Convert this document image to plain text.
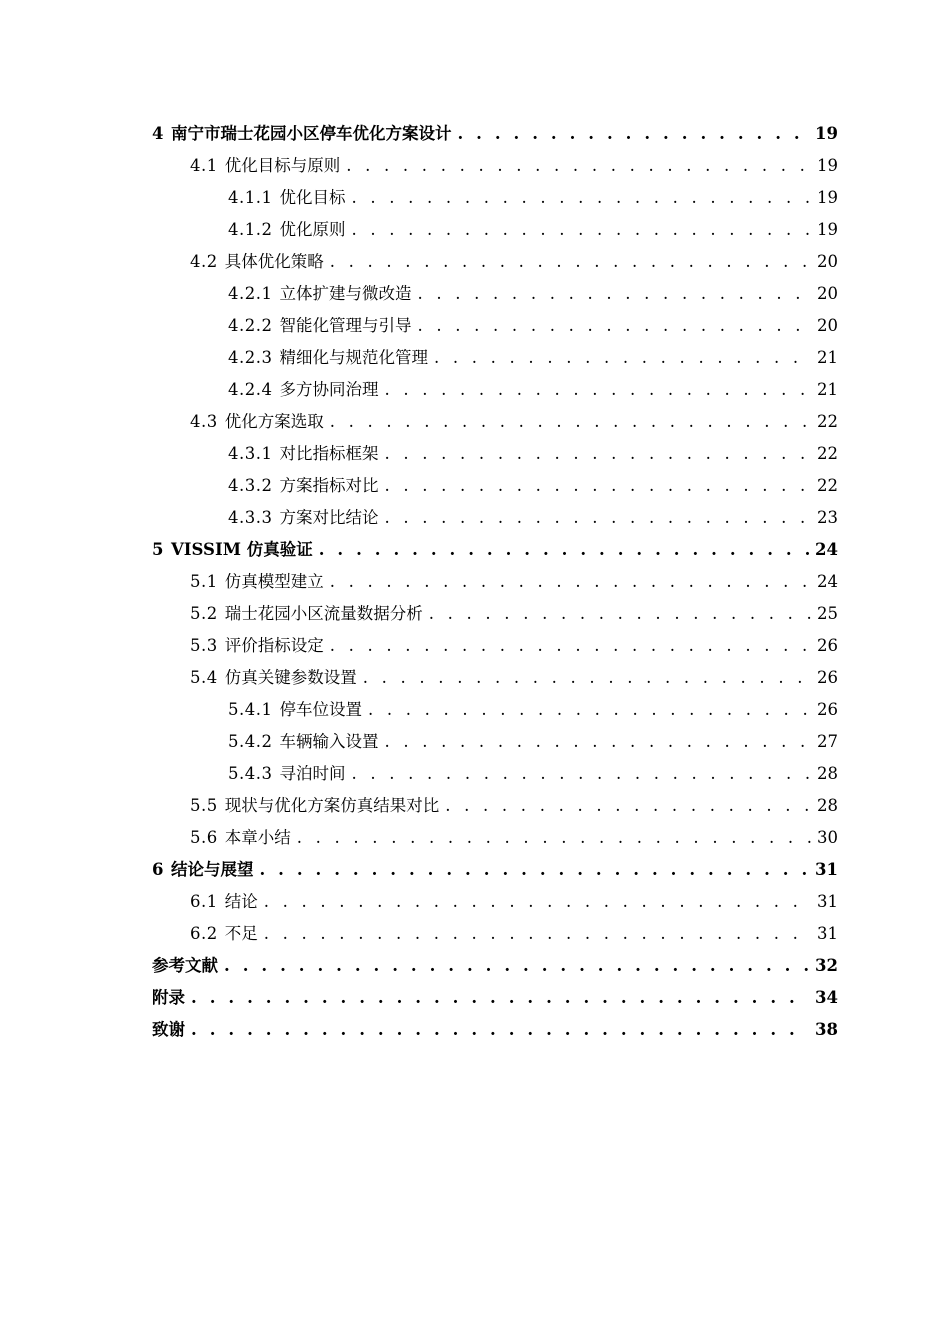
4 南宁市瑞士花园小区停车优化方案设计 . . .	19
4.1 优化目标与原则 . . .	19
4.1.1 优化目标 . . .	19
4.1.2 优化原则 . . .	19
4.2 具体优化策略 . . .	20
4.2.1 立体扩建与微改造 . . .	20
4.2.2 智能化管理与引导 . . .	20
4.2.3 精细化与规范化管理 . . .	21
4.2.4 多方协同治理 . . .	21
4.3 优化方案选取 . . .	22
4.3.1 对比指标框架 . . .	22
4.3.2 方案指标对比 . . .	22
4.3.3 方案对比结论 . . .	23
5 VISSIM 仿真验证 . . .	24
5.1 仿真模型建立 . . .	24
5.2 瑞士花园小区流量数据分析 . . .	25
5.3 评价指标设定 . . .	26
5.4 仿真关键参数设置 . . .	26
5.4.1 停车位设置 . . .	26
5.4.2 车辆输入设置 . . .	27
5.4.3 寻泊时间 . . .	28
5.5 现状与优化方案仿真结果对比 . . .	28
5.6 本章小结 . . .	30
6 结论与展望 . . .	31
6.1 结论 . . .	31
6.2 不足 . . .	31
参考文献 . . .	32
附录 . . .	34
致谢 . . .	38
